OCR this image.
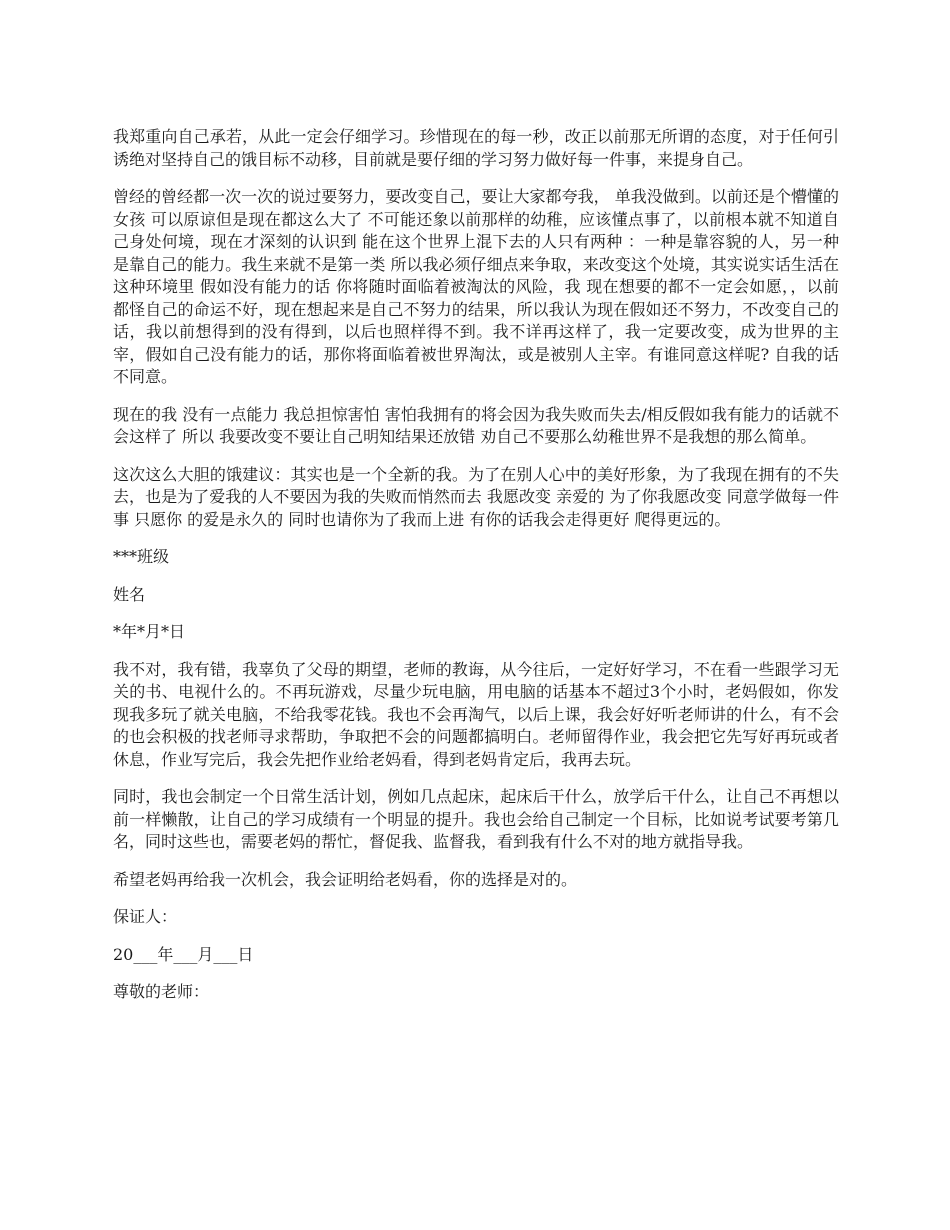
我郑重向自己承若，从此一定会仔细学习。珍惜现在的每一秒，改正以前那无所谓的态度，对于任何引诱绝对坚持自己的饿目标不动移，目前就是要仔细的学习努力做好每一件事，来提身自己。

曾经的曾经都一次一次的说过要努力，要改变自己，要让大家都夸我， 单我没做到。以前还是个懵懂的女孩 可以原谅但是现在都这么大了 不可能还象以前那样的幼稚，应该懂点事了，以前根本就不知道自己身处何境，现在才深刻的认识到 能在这个世界上混下去的人只有两种 ：一种是靠容貌的人，另一种是靠自己的能力。我生来就不是第一类 所以我必须仔细点来争取，来改变这个处境，其实说实话生活在这种环境里 假如没有能力的话 你将随时面临着被淘汰的风险，我 现在想要的都不一定会如愿，，以前都怪自己的命运不好，现在想起来是自己不努力的结果，所以我认为现在假如还不努力，不改变自己的话，我以前想得到的没有得到，以后也照样得不到。我不详再这样了，我一定要改变，成为世界的主宰，假如自己没有能力的话，那你将面临着被世界淘汰，或是被别人主宰。有谁同意这样呢? 自我的话不同意。

现在的我 没有一点能力 我总担惊害怕 害怕我拥有的将会因为我失败而失去/相反假如我有能力的话就不会这样了 所以 我要改变不要让自己明知结果还放错 劝自己不要那么幼稚世界不是我想的那么简单。

这次这么大胆的饿建议：其实也是一个全新的我。为了在别人心中的美好形象，为了我现在拥有的不失去，也是为了爱我的人不要因为我的失败而悄然而去 我愿改变 亲爱的 为了你我愿改变 同意学做每一件事 只愿你 的爱是永久的 同时也请你为了我而上进 有你的话我会走得更好 爬得更远的。

***班级

姓名

*年*月*日

我不对，我有错，我辜负了父母的期望，老师的教诲，从今往后，一定好好学习，不在看一些跟学习无关的书、电视什么的。不再玩游戏，尽量少玩电脑，用电脑的话基本不超过3个小时，老妈假如，你发现我多玩了就关电脑，不给我零花钱。我也不会再淘气，以后上课，我会好好听老师讲的什么，有不会的也会积极的找老师寻求帮助，争取把不会的问题都搞明白。老师留得作业，我会把它先写好再玩或者休息，作业写完后，我会先把作业给老妈看，得到老妈肯定后，我再去玩。

同时，我也会制定一个日常生活计划，例如几点起床，起床后干什么，放学后干什么，让自己不再想以前一样懒散，让自己的学习成绩有一个明显的提升。我也会给自己制定一个目标，比如说考试要考第几名，同时这些也，需要老妈的帮忙，督促我、监督我，看到我有什么不对的地方就指导我。

希望老妈再给我一次机会，我会证明给老妈看，你的选择是对的。

保证人：

20___年___月___日

尊敬的老师：
